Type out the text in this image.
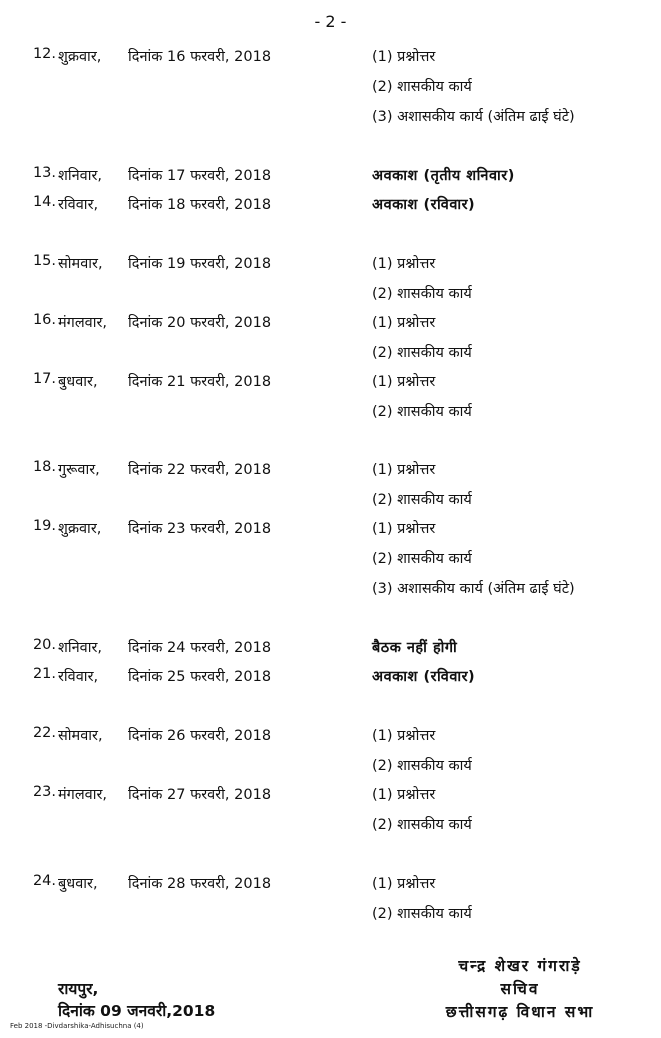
- 2 -
12. शुक्रवार, दिनांक 16 फरवरी, 2018	(1) प्रश्नोत्तर
(2) शासकीय कार्य
(3) अशासकीय कार्य (अंतिम ढाई घंटे)
13. शनिवार, दिनांक 17 फरवरी, 2018	अवकाश (तृतीय शनिवार)
14. रविवार, दिनांक 18 फरवरी, 2018	अवकाश (रविवार)
15. सोमवार, दिनांक 19 फरवरी, 2018	(1) प्रश्नोत्तर
(2) शासकीय कार्य
16. मंगलवार, दिनांक 20 फरवरी, 2018	(1) प्रश्नोत्तर
(2) शासकीय कार्य
17. बुधवार, दिनांक 21 फरवरी, 2018	(1) प्रश्नोत्तर
(2) शासकीय कार्य
18. गुरूवार, दिनांक 22 फरवरी, 2018	(1) प्रश्नोत्तर
(2) शासकीय कार्य
19. शुक्रवार, दिनांक 23 फरवरी, 2018	(1) प्रश्नोत्तर
(2) शासकीय कार्य
(3) अशासकीय कार्य (अंतिम ढाई घंटे)
20. शनिवार, दिनांक 24 फरवरी, 2018	बैठक नहीं होगी
21. रविवार, दिनांक 25 फरवरी, 2018	अवकाश (रविवार)
22. सोमवार, दिनांक 26 फरवरी, 2018	(1) प्रश्नोत्तर
(2) शासकीय कार्य
23. मंगलवार, दिनांक 27 फरवरी, 2018	(1) प्रश्नोत्तर
(2) शासकीय कार्य
24. बुधवार, दिनांक 28 फरवरी, 2018	(1) प्रश्नोत्तर
(2) शासकीय कार्य
रायपुर,
दिनांक 09 जनवरी,2018
चन्द्र शेखर गंगराड़े
सचिव
छत्तीसगढ़ विधान सभा
Feb 2018 -Divdarshika-Adhisuchna (4)
